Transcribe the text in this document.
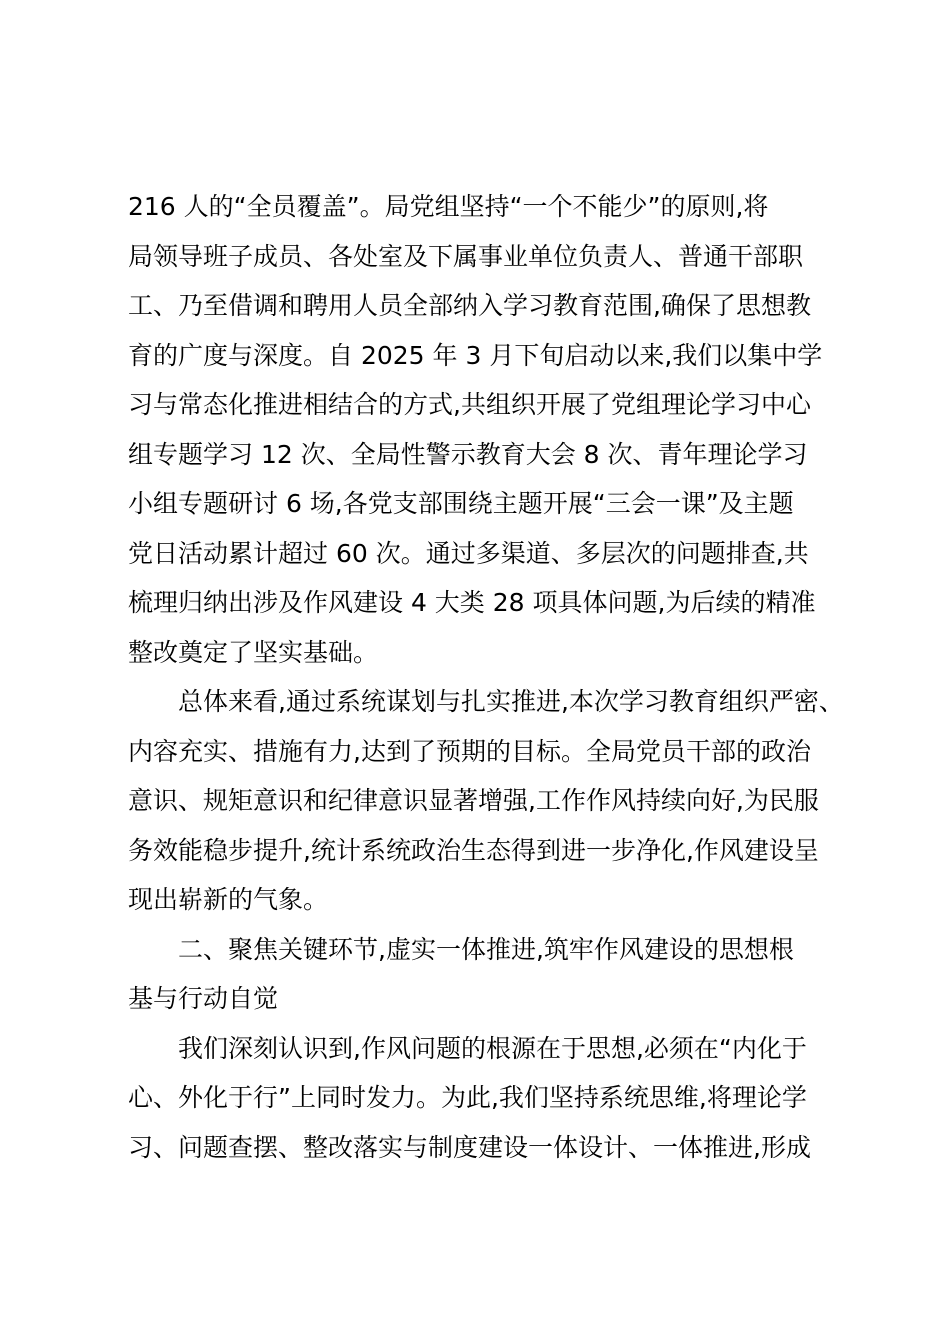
216 人的“全员覆盖”。局党组坚持“一个不能少”的原则,将
局领导班子成员、各处室及下属事业单位负责人、普通干部职
工、乃至借调和聘用人员全部纳入学习教育范围,确保了思想教
育的广度与深度。自 2025 年 3 月下旬启动以来,我们以集中学
习与常态化推进相结合的方式,共组织开展了党组理论学习中心
组专题学习 12 次、全局性警示教育大会 8 次、青年理论学习
小组专题研讨 6 场,各党支部围绕主题开展“三会一课”及主题
党日活动累计超过 60 次。通过多渠道、多层次的问题排查,共
梳理归纳出涉及作风建设 4 大类 28 项具体问题,为后续的精准
整改奠定了坚实基础。
总体来看,通过系统谋划与扎实推进,本次学习教育组织严密、
内容充实、措施有力,达到了预期的目标。全局党员干部的政治
意识、规矩意识和纪律意识显著增强,工作作风持续向好,为民服
务效能稳步提升,统计系统政治生态得到进一步净化,作风建设呈
现出崭新的气象。
二、聚焦关键环节,虚实一体推进,筑牢作风建设的思想根
基与行动自觉
我们深刻认识到,作风问题的根源在于思想,必须在“内化于
心、外化于行”上同时发力。为此,我们坚持系统思维,将理论学
习、问题查摆、整改落实与制度建设一体设计、一体推进,形成
